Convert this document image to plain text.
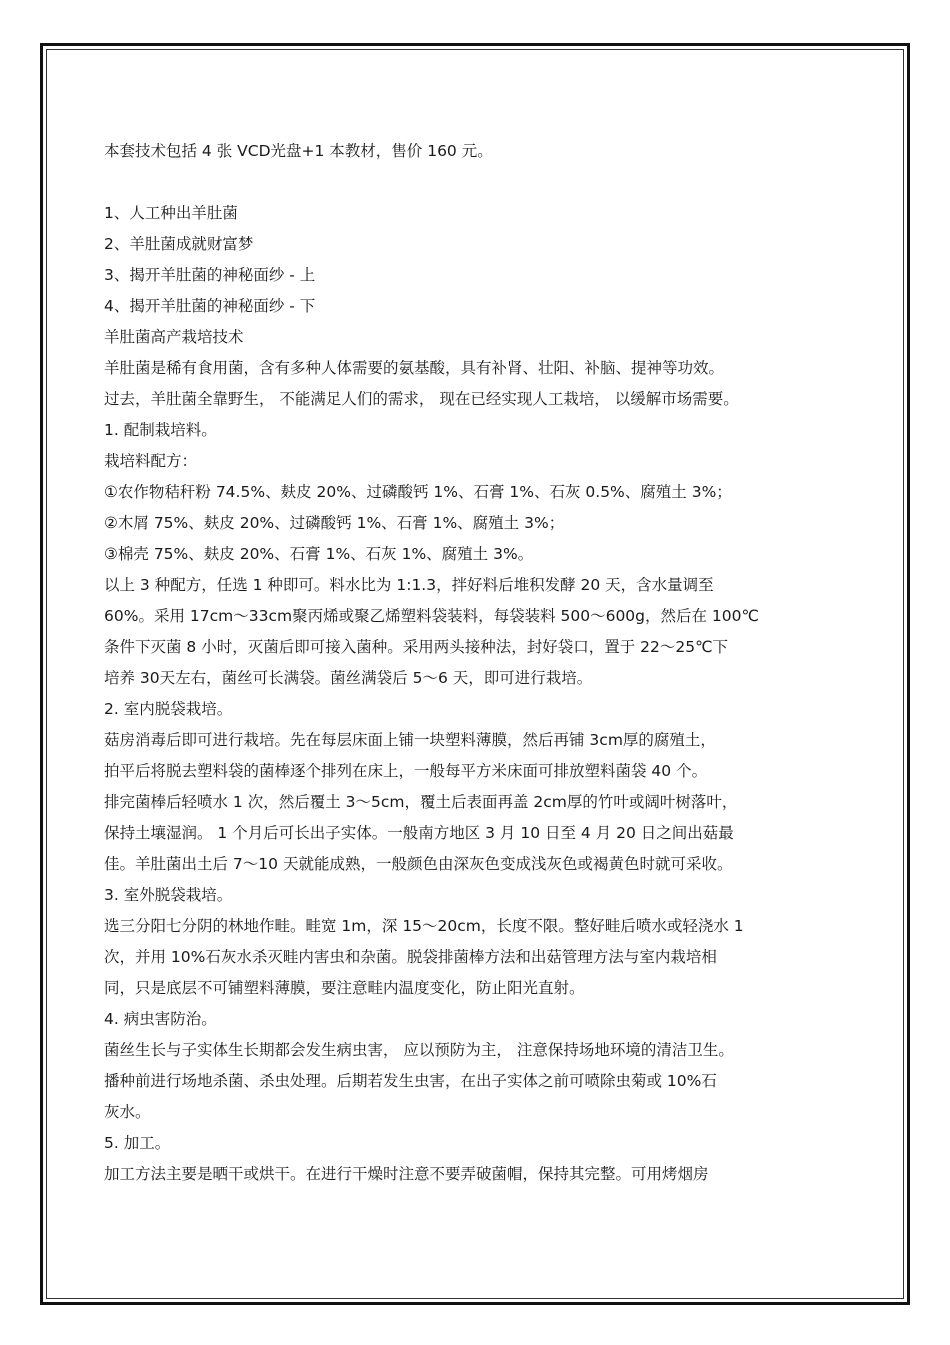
本套技术包括 4 张 VCD光盘+1 本教材，售价 160 元。
1、人工种出羊肚菌
2、羊肚菌成就财富梦
3、揭开羊肚菌的神秘面纱 - 上
4、揭开羊肚菌的神秘面纱 - 下
羊肚菌高产栽培技术
羊肚菌是稀有食用菌，含有多种人体需要的氨基酸，具有补肾、壮阳、补脑、提神等功效。
过去，羊肚菌全靠野生， 不能满足人们的需求， 现在已经实现人工栽培， 以缓解市场需要。
1. 配制栽培料。
栽培料配方：
①农作物秸秆粉 74.5%、麸皮 20%、过磷酸钙 1%、石膏 1%、石灰 0.5%、腐殖土 3%；
②木屑 75%、麸皮 20%、过磷酸钙 1%、石膏 1%、腐殖土 3%；
③棉壳 75%、麸皮 20%、石膏 1%、石灰 1%、腐殖土 3%。
以上 3 种配方，任选 1 种即可。料水比为 1:1.3，拌好料后堆积发酵 20 天，含水量调至
60%。采用 17cm～33cm聚丙烯或聚乙烯塑料袋装料，每袋装料 500～600g，然后在 100℃
条件下灭菌 8 小时，灭菌后即可接入菌种。采用两头接种法，封好袋口，置于 22～25℃下
培养 30天左右，菌丝可长满袋。菌丝满袋后 5～6 天，即可进行栽培。
2. 室内脱袋栽培。
菇房消毒后即可进行栽培。先在每层床面上铺一块塑料薄膜，然后再铺 3cm厚的腐殖土，
拍平后将脱去塑料袋的菌棒逐个排列在床上，一般每平方米床面可排放塑料菌袋 40 个。
排完菌棒后轻喷水 1 次，然后覆土 3～5cm，覆土后表面再盖 2cm厚的竹叶或阔叶树落叶，
保持土壤湿润。 1 个月后可长出子实体。一般南方地区 3 月 10 日至 4 月 20 日之间出菇最
佳。羊肚菌出土后 7～10 天就能成熟，一般颜色由深灰色变成浅灰色或褐黄色时就可采收。
3. 室外脱袋栽培。
选三分阳七分阴的林地作畦。畦宽 1m，深 15～20cm，长度不限。整好畦后喷水或轻浇水 1
次，并用 10%石灰水杀灭畦内害虫和杂菌。脱袋排菌棒方法和出菇管理方法与室内栽培相
同，只是底层不可铺塑料薄膜，要注意畦内温度变化，防止阳光直射。
4. 病虫害防治。
菌丝生长与子实体生长期都会发生病虫害， 应以预防为主， 注意保持场地环境的清洁卫生。
播种前进行场地杀菌、杀虫处理。后期若发生虫害，在出子实体之前可喷除虫菊或 10%石
灰水。
5. 加工。
加工方法主要是晒干或烘干。在进行干燥时注意不要弄破菌帽，保持其完整。可用烤烟房
